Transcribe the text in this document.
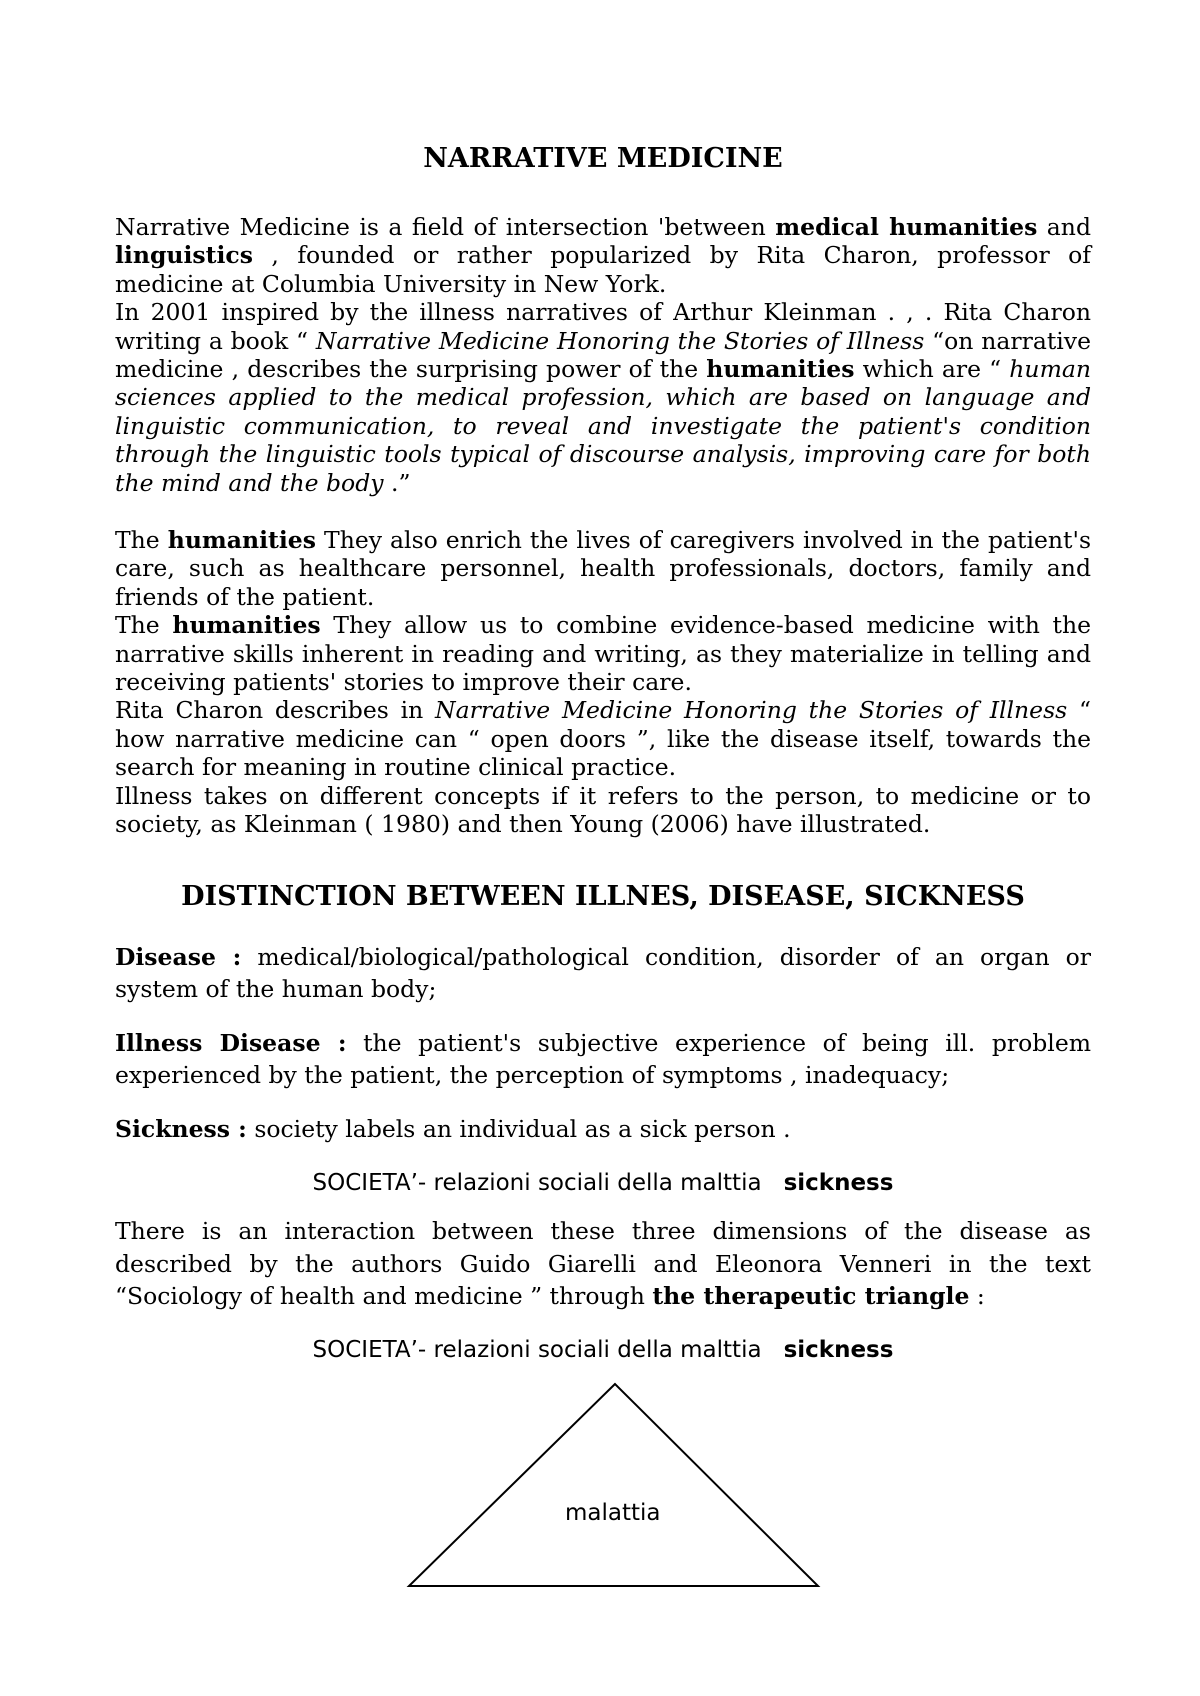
NARRATIVE MEDICINE

Narrative Medicine is a field of intersection 'between medical humanities and linguistics , founded or rather popularized by Rita Charon, professor of medicine at Columbia University in New York.
In 2001 inspired by the illness narratives of Arthur Kleinman . , . Rita Charon writing a book “ Narrative Medicine Honoring the Stories of Illness “on narrative medicine , describes the surprising power of the humanities which are “ human sciences applied to the medical profession, which are based on language and linguistic communication, to reveal and investigate the patient's condition through the linguistic tools typical of discourse analysis, improving care for both the mind and the body .”

The humanities They also enrich the lives of caregivers involved in the patient's care, such as healthcare personnel, health professionals, doctors, family and friends of the patient.
The humanities They allow us to combine evidence-based medicine with the narrative skills inherent in reading and writing, as they materialize in telling and receiving patients' stories to improve their care.
Rita Charon describes in Narrative Medicine Honoring the Stories of Illness “ how narrative medicine can “ open doors ”, like the disease itself, towards the search for meaning in routine clinical practice.
Illness takes on different concepts if it refers to the person, to medicine or to society, as Kleinman ( 1980) and then Young (2006) have illustrated.

DISTINCTION BETWEEN ILLNES, DISEASE, SICKNESS

Disease : medical/biological/pathological condition, disorder of an organ or system of the human body;

Illness Disease : the patient's subjective experience of being ill. problem experienced by the patient, the perception of symptoms , inadequacy;

Sickness : society labels an individual as a sick person .

SOCIETA’- relazioni sociali della malttia sickness

There is an interaction between these three dimensions of the disease as described by the authors Guido Giarelli and Eleonora Venneri in the text “Sociology of health and medicine ” through the therapeutic triangle :

SOCIETA’- relazioni sociali della malttia sickness

malattia
